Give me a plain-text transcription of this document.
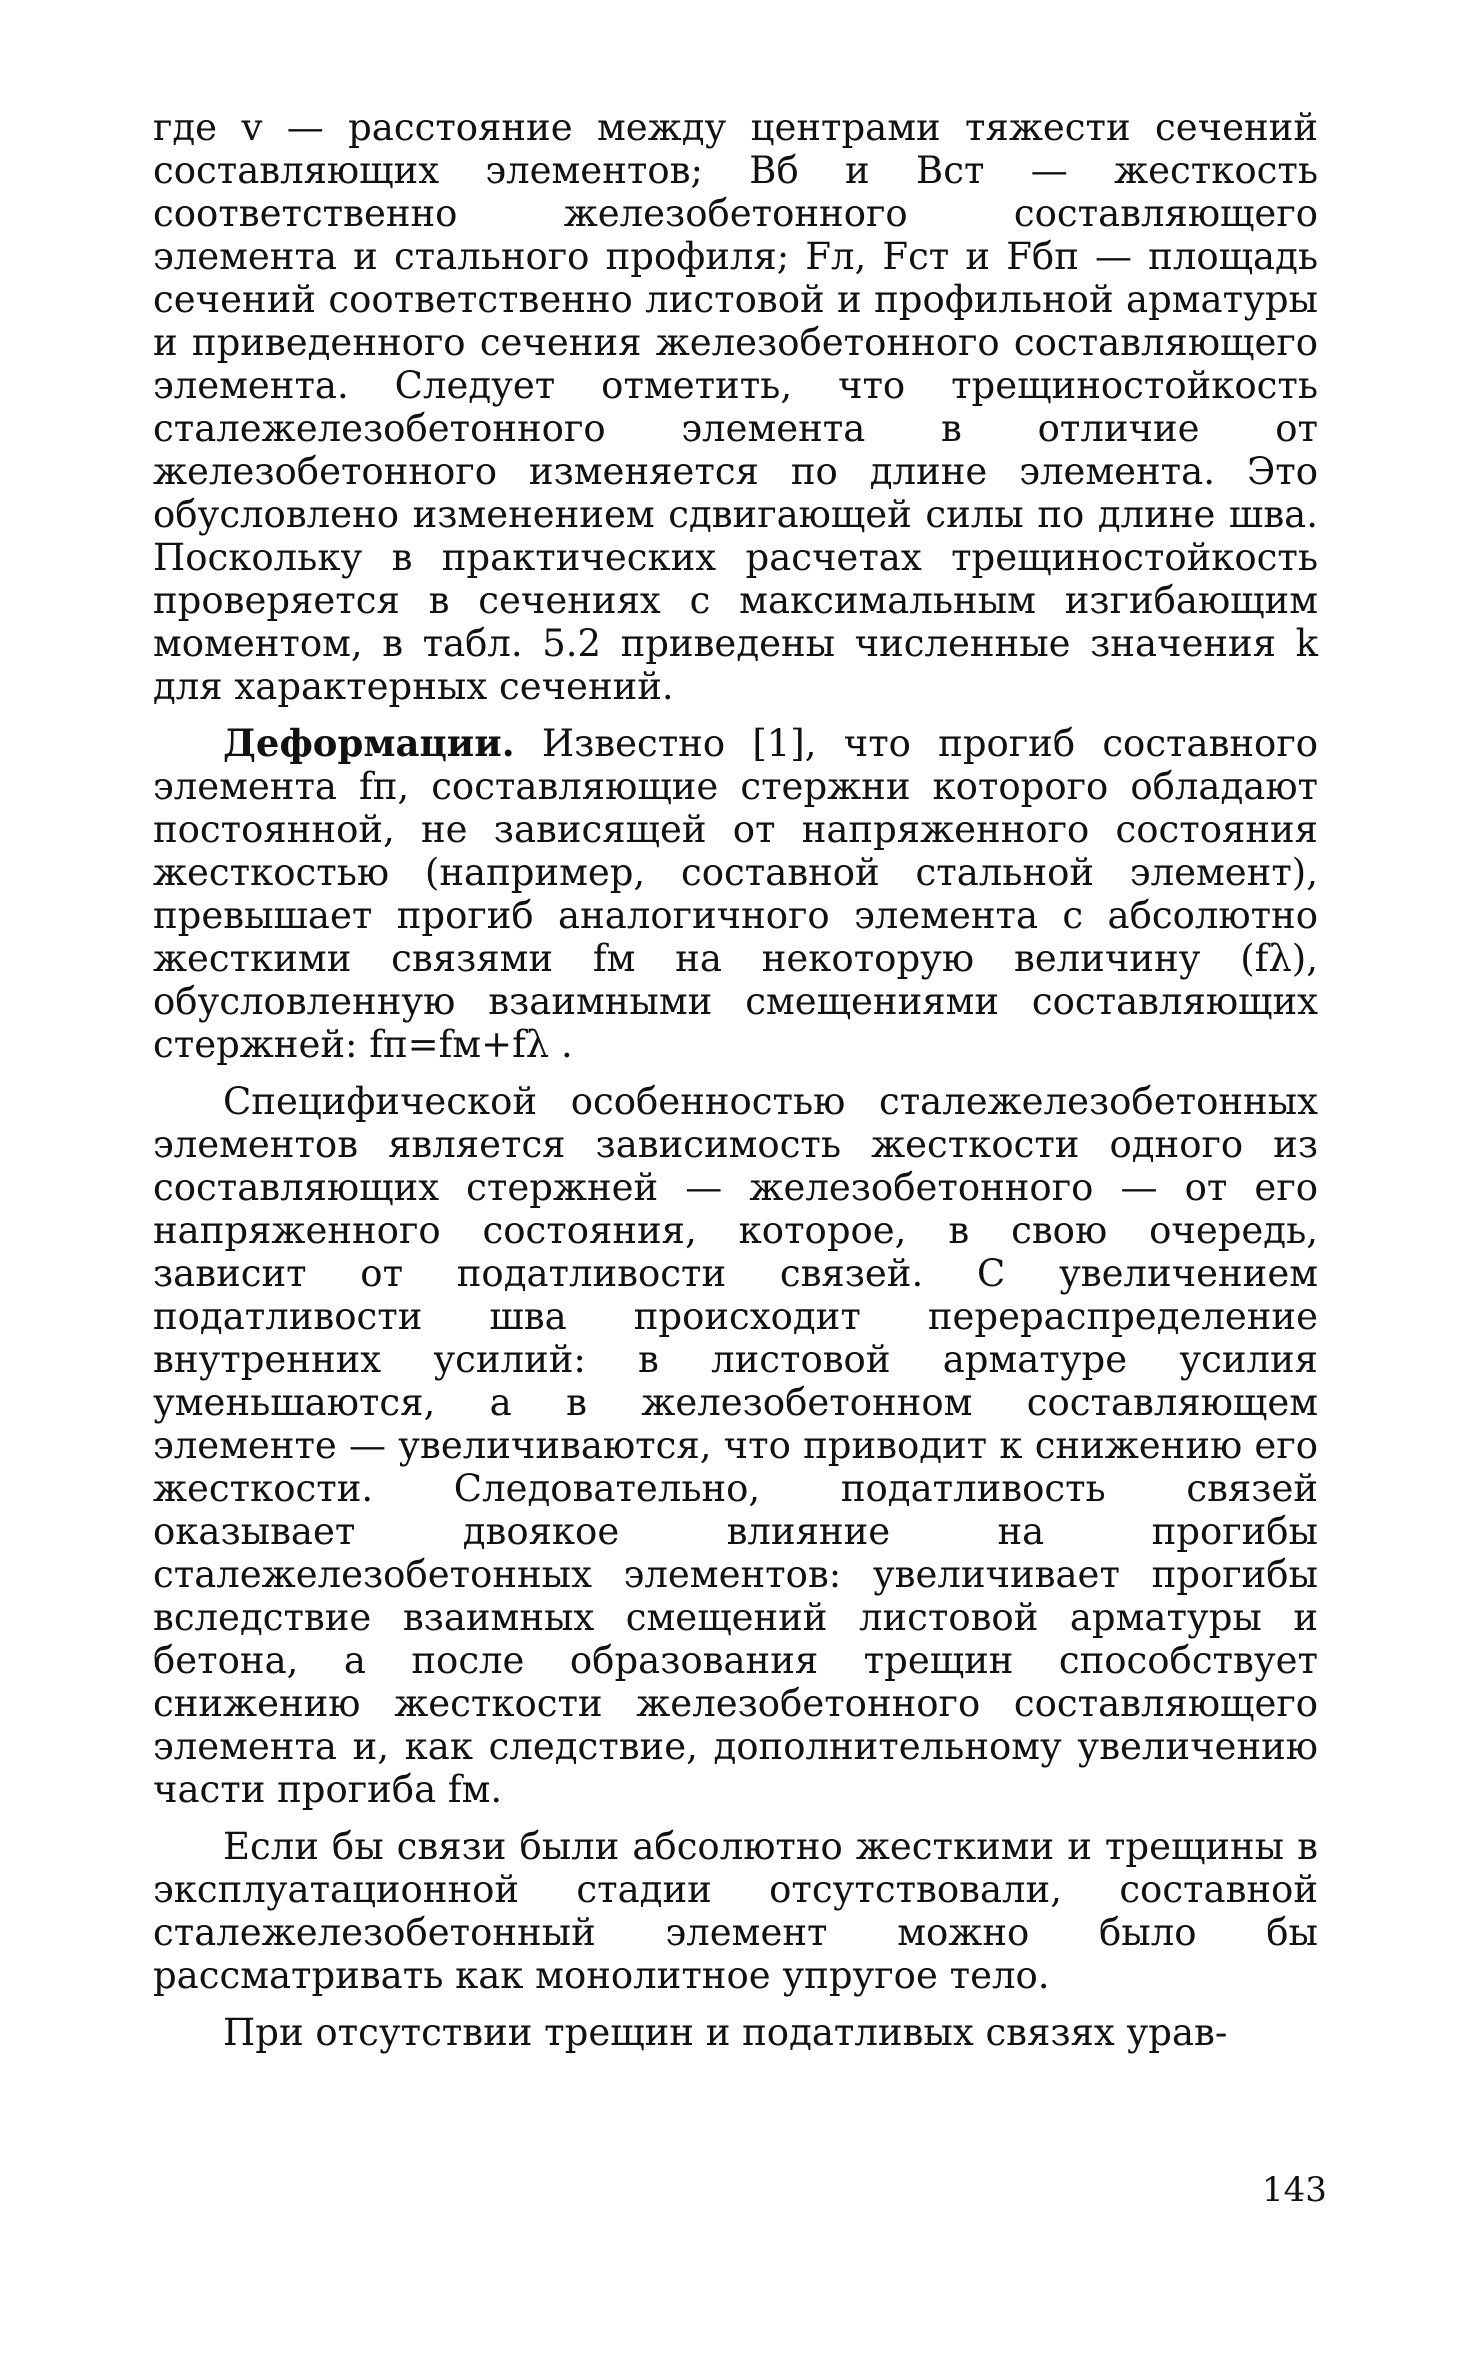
где v — расстояние между центрами тяжести сечений составляющих элементов; Bб и Bст — жесткость соответственно железобетонного составляющего элемента и стального профиля; Fл, Fст и Fбп — площадь сечений соответственно листовой и профильной арматуры и приведенного сечения железобетонного составляющего элемента. Следует отметить, что трещиностойкость сталежелезобетонного элемента в отличие от железобетонного изменяется по длине элемента. Это обусловлено изменением сдвигающей силы по длине шва. Поскольку в практических расчетах трещиностойкость проверяется в сечениях с максимальным изгибающим моментом, в табл. 5.2 приведены численные значения k для характерных сечений.

Деформации. Известно [1], что прогиб составного элемента fп, составляющие стержни которого обладают постоянной, не зависящей от напряженного состояния жесткостью (например, составной стальной элемент), превышает прогиб аналогичного элемента с абсолютно жесткими связями fм на некоторую величину (fλ), обусловленную взаимными смещениями составляющих стержней: fп=fм+fλ .

Специфической особенностью сталежелезобетонных элементов является зависимость жесткости одного из составляющих стержней — железобетонного — от его напряженного состояния, которое, в свою очередь, зависит от податливости связей. С увеличением податливости шва происходит перераспределение внутренних усилий: в листовой арматуре усилия уменьшаются, а в железобетонном составляющем элементе — увеличиваются, что приводит к снижению его жесткости. Следовательно, податливость связей оказывает двоякое влияние на прогибы сталежелезобетонных элементов: увеличивает прогибы вследствие взаимных смещений листовой арматуры и бетона, а после образования трещин способствует снижению жесткости железобетонного составляющего элемента и, как следствие, дополнительному увеличению части прогиба fм.

Если бы связи были абсолютно жесткими и трещины в эксплуатационной стадии отсутствовали, составной сталежелезобетонный элемент можно было бы рассматривать как монолитное упругое тело.

При отсутствии трещин и податливых связях урав-

143
